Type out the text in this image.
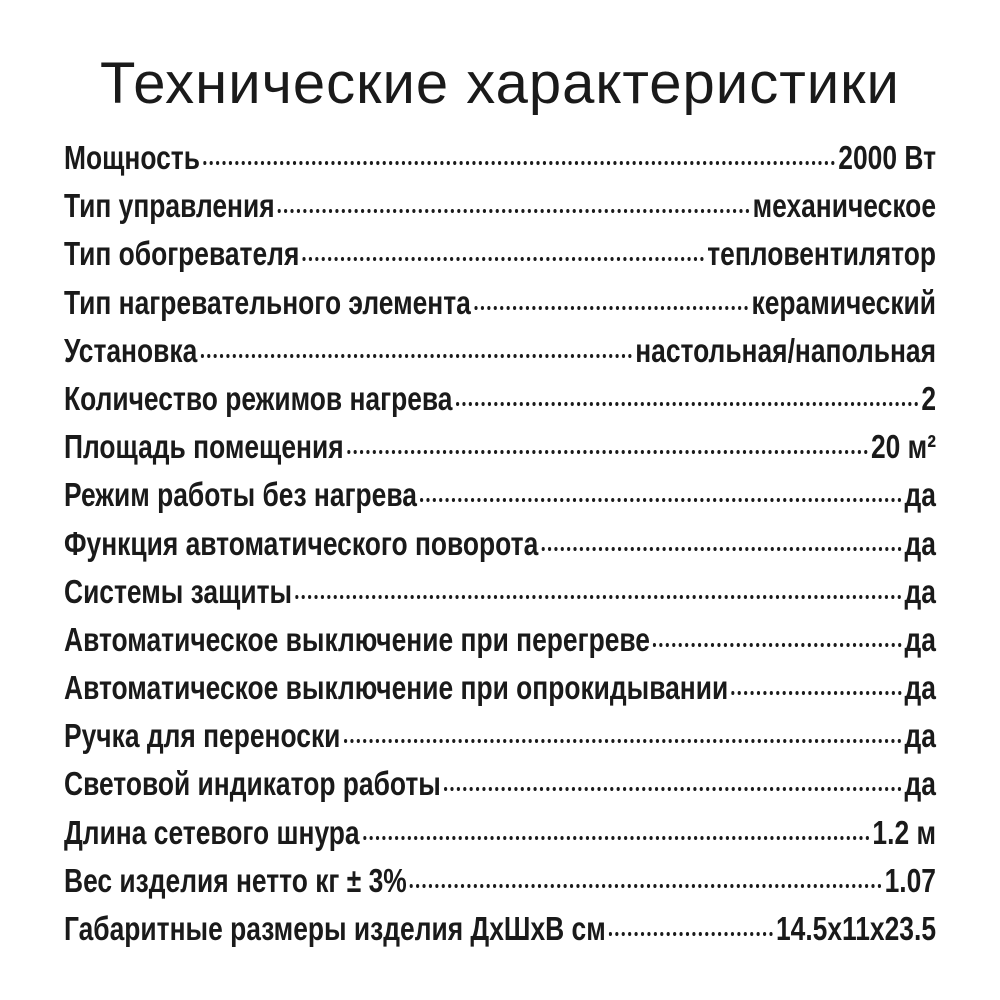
Технические характеристики
Мощность	2000 Вт
Тип управления	механическое
Тип обогревателя	тепловентилятор
Тип нагревательного элемента	керамический
Установка	настольная/напольная
Количество режимов нагрева	2
Площадь помещения	20 м²
Режим работы без нагрева	да
Функция автоматического поворота	да
Системы защиты	да
Автоматическое выключение при перегреве	да
Автоматическое выключение при опрокидывании	да
Ручка для переноски	да
Световой индикатор работы	да
Длина сетевого шнура	1.2 м
Вес изделия нетто кг ± 3%	1.07
Габаритные размеры изделия ДхШхВ см	14.5x11x23.5
